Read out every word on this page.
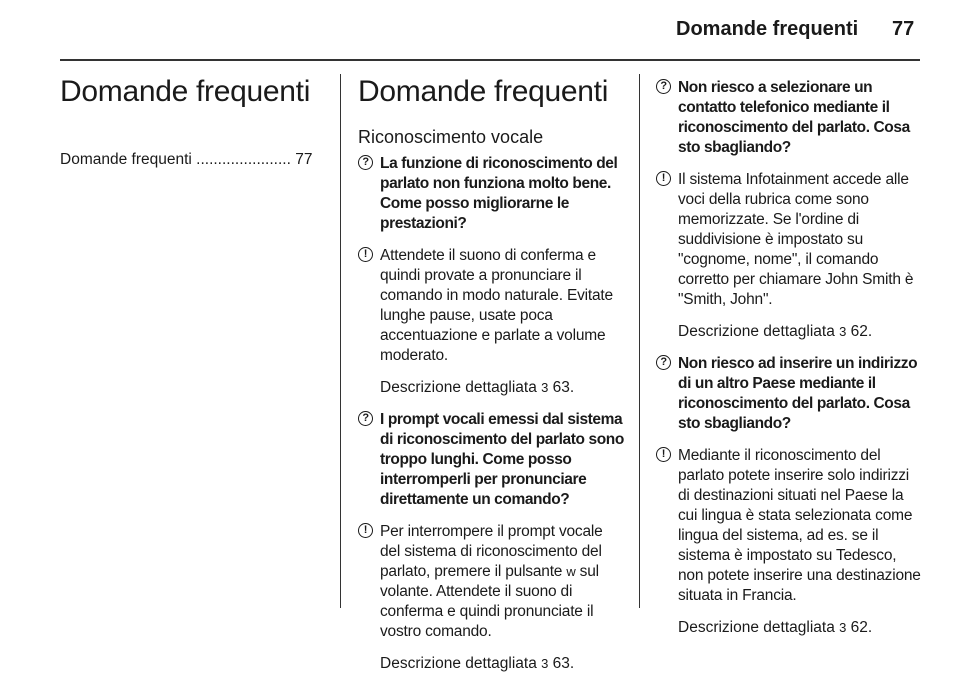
Domande frequenti 77
Domande frequenti
Domande frequenti ...................... 77
Domande frequenti
Riconoscimento vocale
? La funzione di riconoscimento del parlato non funziona molto bene. Come posso migliorarne le prestazioni?
! Attendete il suono di conferma e quindi provate a pronunciare il comando in modo naturale. Evitate lunghe pause, usate poca accentuazione e parlate a volume moderato.
Descrizione dettagliata 3 63.
? I prompt vocali emessi dal sistema di riconoscimento del parlato sono troppo lunghi. Come posso interromperli per pronunciare direttamente un comando?
! Per interrompere il prompt vocale del sistema di riconoscimento del parlato, premere il pulsante w sul volante. Attendete il suono di conferma e quindi pronunciate il vostro comando.
Descrizione dettagliata 3 63.
? Non riesco a selezionare un contatto telefonico mediante il riconoscimento del parlato. Cosa sto sbagliando?
! Il sistema Infotainment accede alle voci della rubrica come sono memorizzate. Se l'ordine di suddivisione è impostato su "cognome, nome", il comando corretto per chiamare John Smith è "Smith, John".
Descrizione dettagliata 3 62.
? Non riesco ad inserire un indirizzo di un altro Paese mediante il riconoscimento del parlato. Cosa sto sbagliando?
! Mediante il riconoscimento del parlato potete inserire solo indirizzi di destinazioni situati nel Paese la cui lingua è stata selezionata come lingua del sistema, ad es. se il sistema è impostato su Tedesco, non potete inserire una destinazione situata in Francia.
Descrizione dettagliata 3 62.
